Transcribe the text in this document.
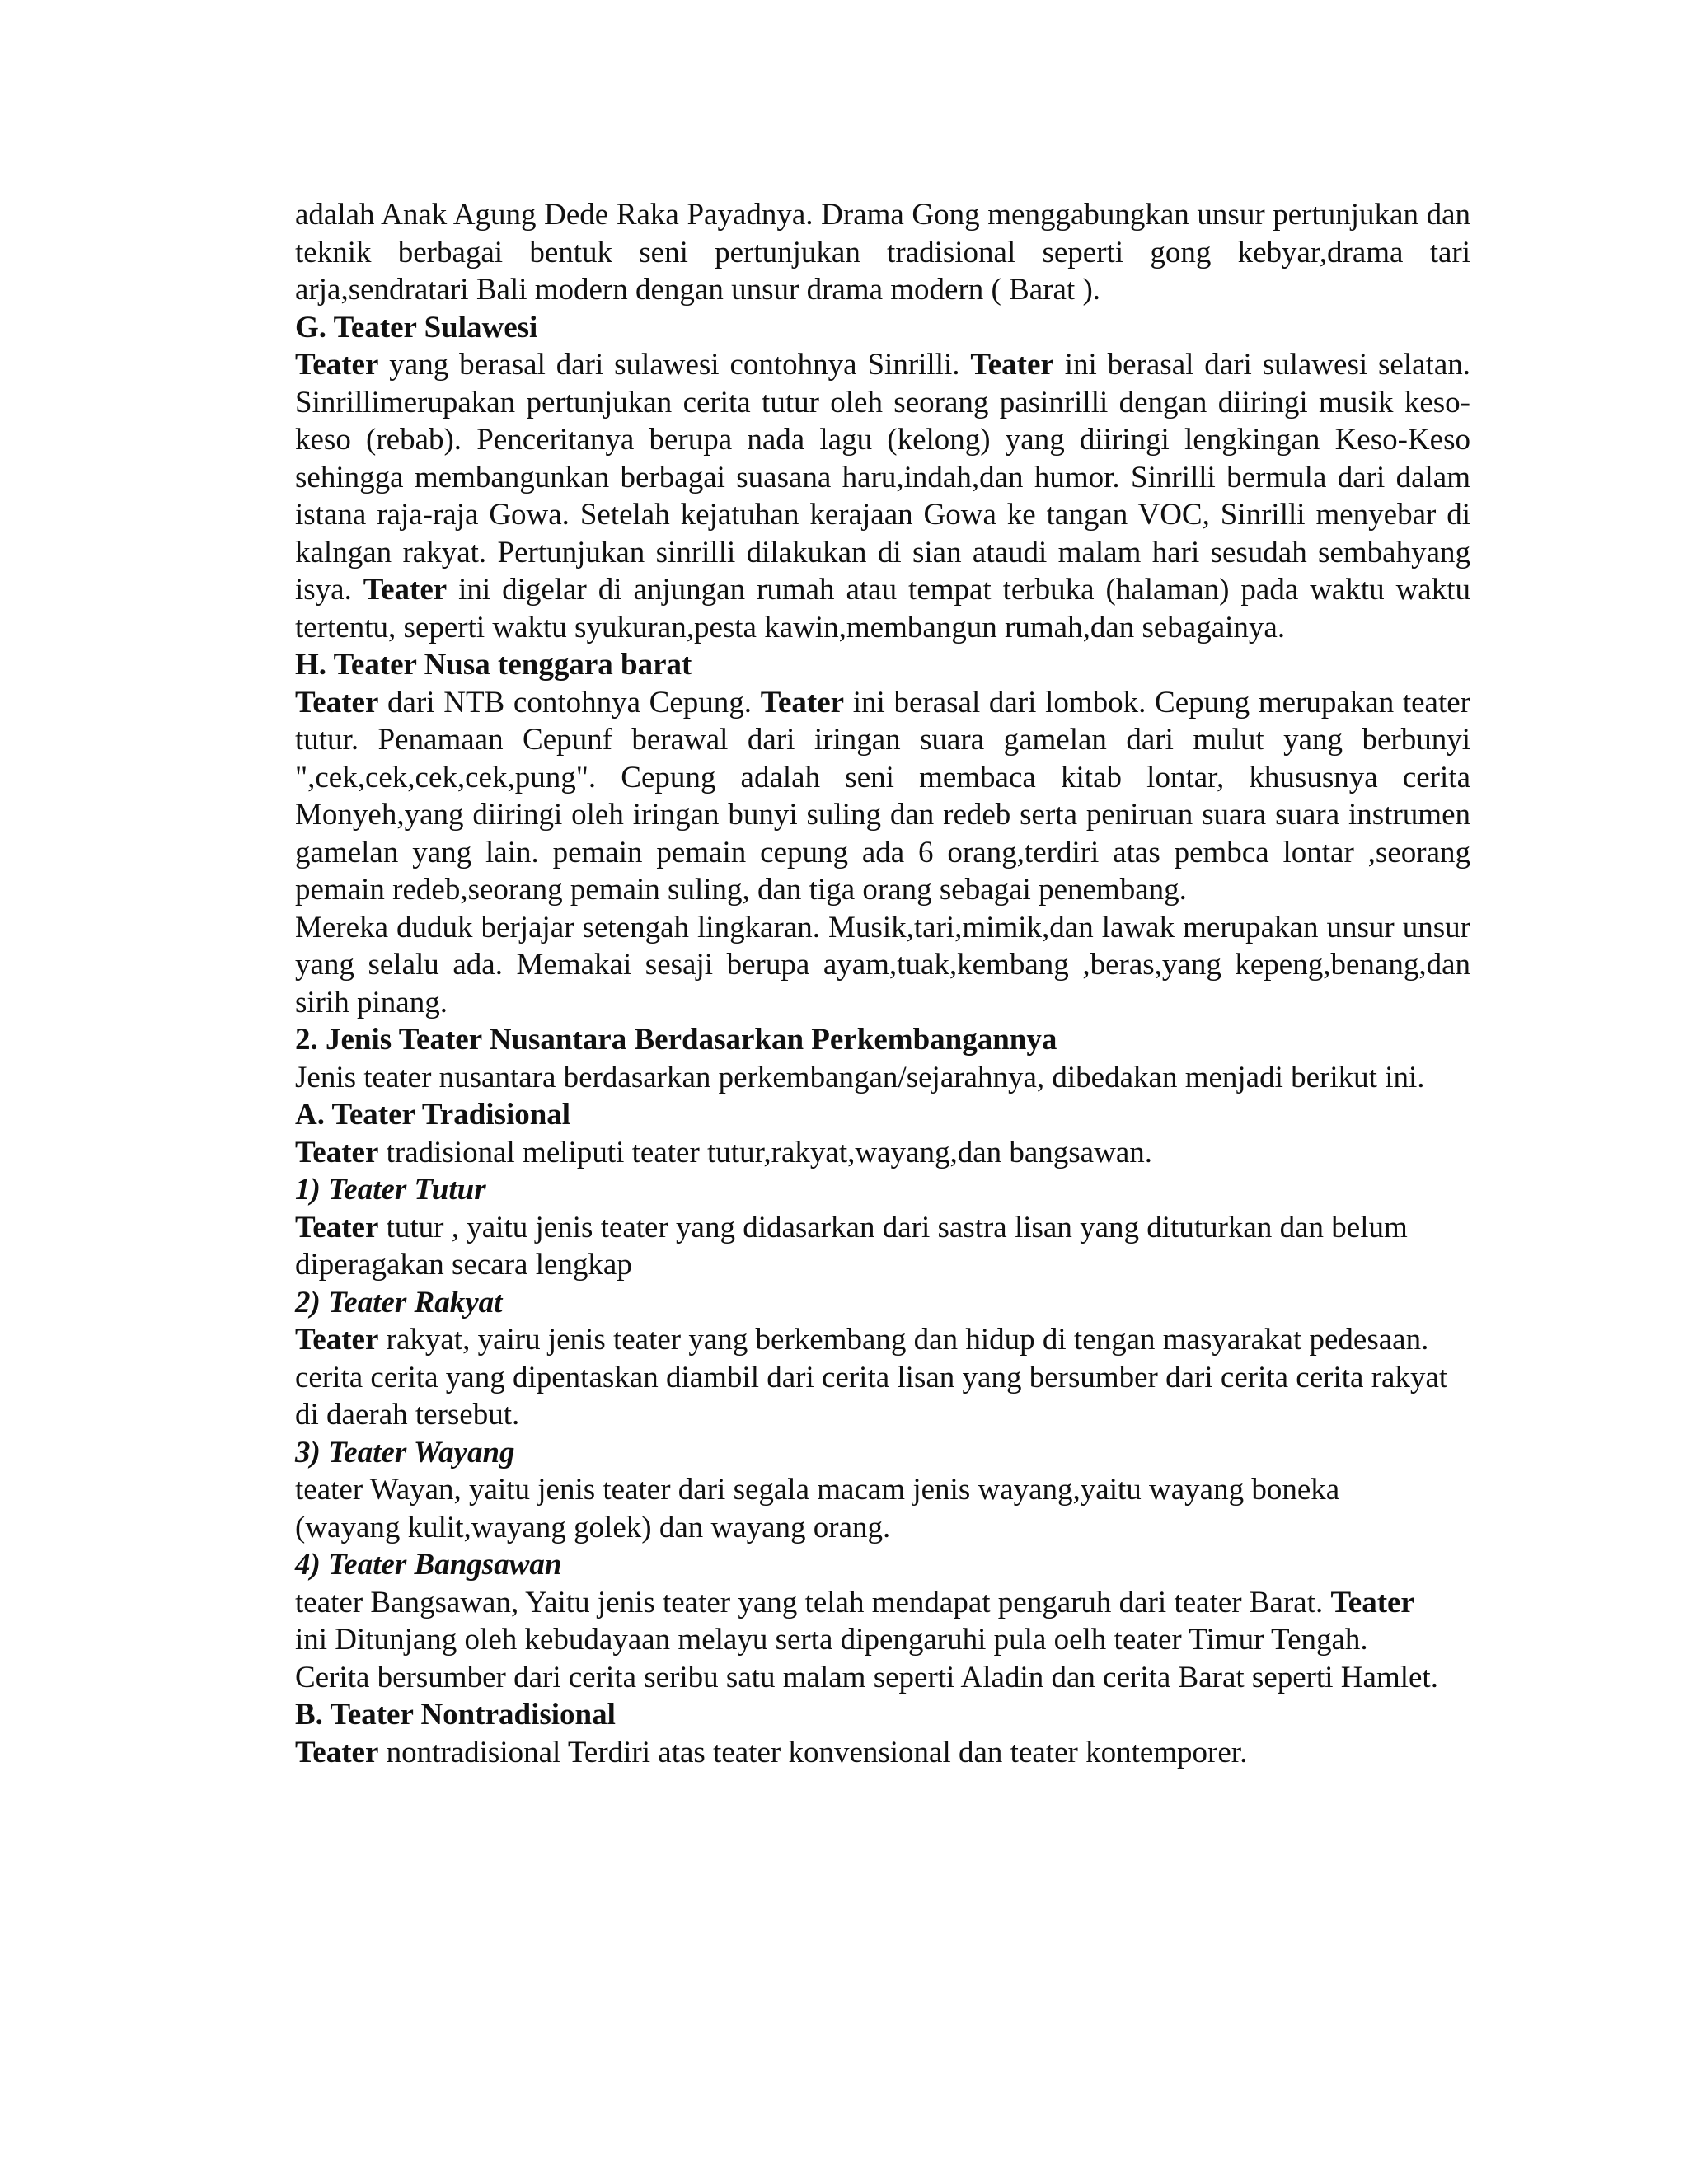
adalah Anak Agung Dede Raka Payadnya. Drama Gong menggabungkan unsur pertunjukan dan teknik berbagai bentuk seni pertunjukan tradisional seperti gong kebyar,drama tari arja,sendratari Bali modern dengan unsur drama modern ( Barat ).

G. Teater Sulawesi

Teater yang berasal dari sulawesi contohnya Sinrilli. Teater ini berasal dari sulawesi selatan. Sinrillimerupakan pertunjukan cerita tutur oleh seorang pasinrilli dengan diiringi musik keso-keso (rebab). Penceritanya berupa nada lagu (kelong) yang diiringi lengkingan Keso-Keso sehingga membangunkan berbagai suasana haru,indah,dan humor. Sinrilli bermula dari dalam istana raja-raja Gowa. Setelah kejatuhan kerajaan Gowa ke tangan VOC, Sinrilli menyebar di kalngan rakyat. Pertunjukan sinrilli dilakukan di sian ataudi malam hari sesudah sembahyang isya. Teater ini digelar di anjungan rumah atau tempat terbuka (halaman) pada waktu waktu tertentu, seperti waktu syukuran,pesta kawin,membangun rumah,dan sebagainya.

H. Teater Nusa tenggara barat

Teater dari NTB contohnya Cepung. Teater ini berasal dari lombok. Cepung merupakan teater tutur. Penamaan Cepunf berawal dari iringan suara gamelan dari mulut yang berbunyi ",cek,cek,cek,cek,pung". Cepung adalah seni membaca kitab lontar, khususnya cerita Monyeh,yang diiringi oleh iringan bunyi suling dan redeb serta peniruan suara suara instrumen gamelan yang lain. pemain pemain cepung ada 6 orang,terdiri atas pembca lontar ,seorang pemain redeb,seorang pemain suling, dan tiga orang sebagai penembang.

Mereka duduk berjajar setengah lingkaran. Musik,tari,mimik,dan lawak merupakan unsur unsur yang selalu ada. Memakai sesaji berupa ayam,tuak,kembang ,beras,yang kepeng,benang,dan sirih pinang.

2. Jenis Teater Nusantara Berdasarkan Perkembangannya

Jenis teater nusantara berdasarkan perkembangan/sejarahnya, dibedakan menjadi berikut ini.

A. Teater Tradisional

Teater tradisional meliputi teater tutur,rakyat,wayang,dan bangsawan.

1) Teater Tutur

Teater tutur , yaitu jenis teater yang didasarkan dari sastra lisan yang dituturkan dan belum diperagakan secara lengkap

2) Teater Rakyat

Teater rakyat, yairu jenis teater yang berkembang dan hidup di tengan masyarakat pedesaan. cerita cerita yang dipentaskan diambil dari cerita lisan yang bersumber dari cerita cerita rakyat di daerah tersebut.

3) Teater Wayang

teater Wayan, yaitu jenis teater dari segala macam jenis wayang,yaitu wayang boneka (wayang kulit,wayang golek) dan wayang orang.

4) Teater Bangsawan

teater Bangsawan, Yaitu jenis teater yang telah mendapat pengaruh dari teater Barat. Teater ini Ditunjang oleh kebudayaan melayu serta dipengaruhi pula oelh teater Timur Tengah. Cerita bersumber dari cerita seribu satu malam seperti Aladin dan cerita Barat seperti Hamlet.

B. Teater Nontradisional

Teater nontradisional Terdiri atas teater konvensional dan teater kontemporer.
